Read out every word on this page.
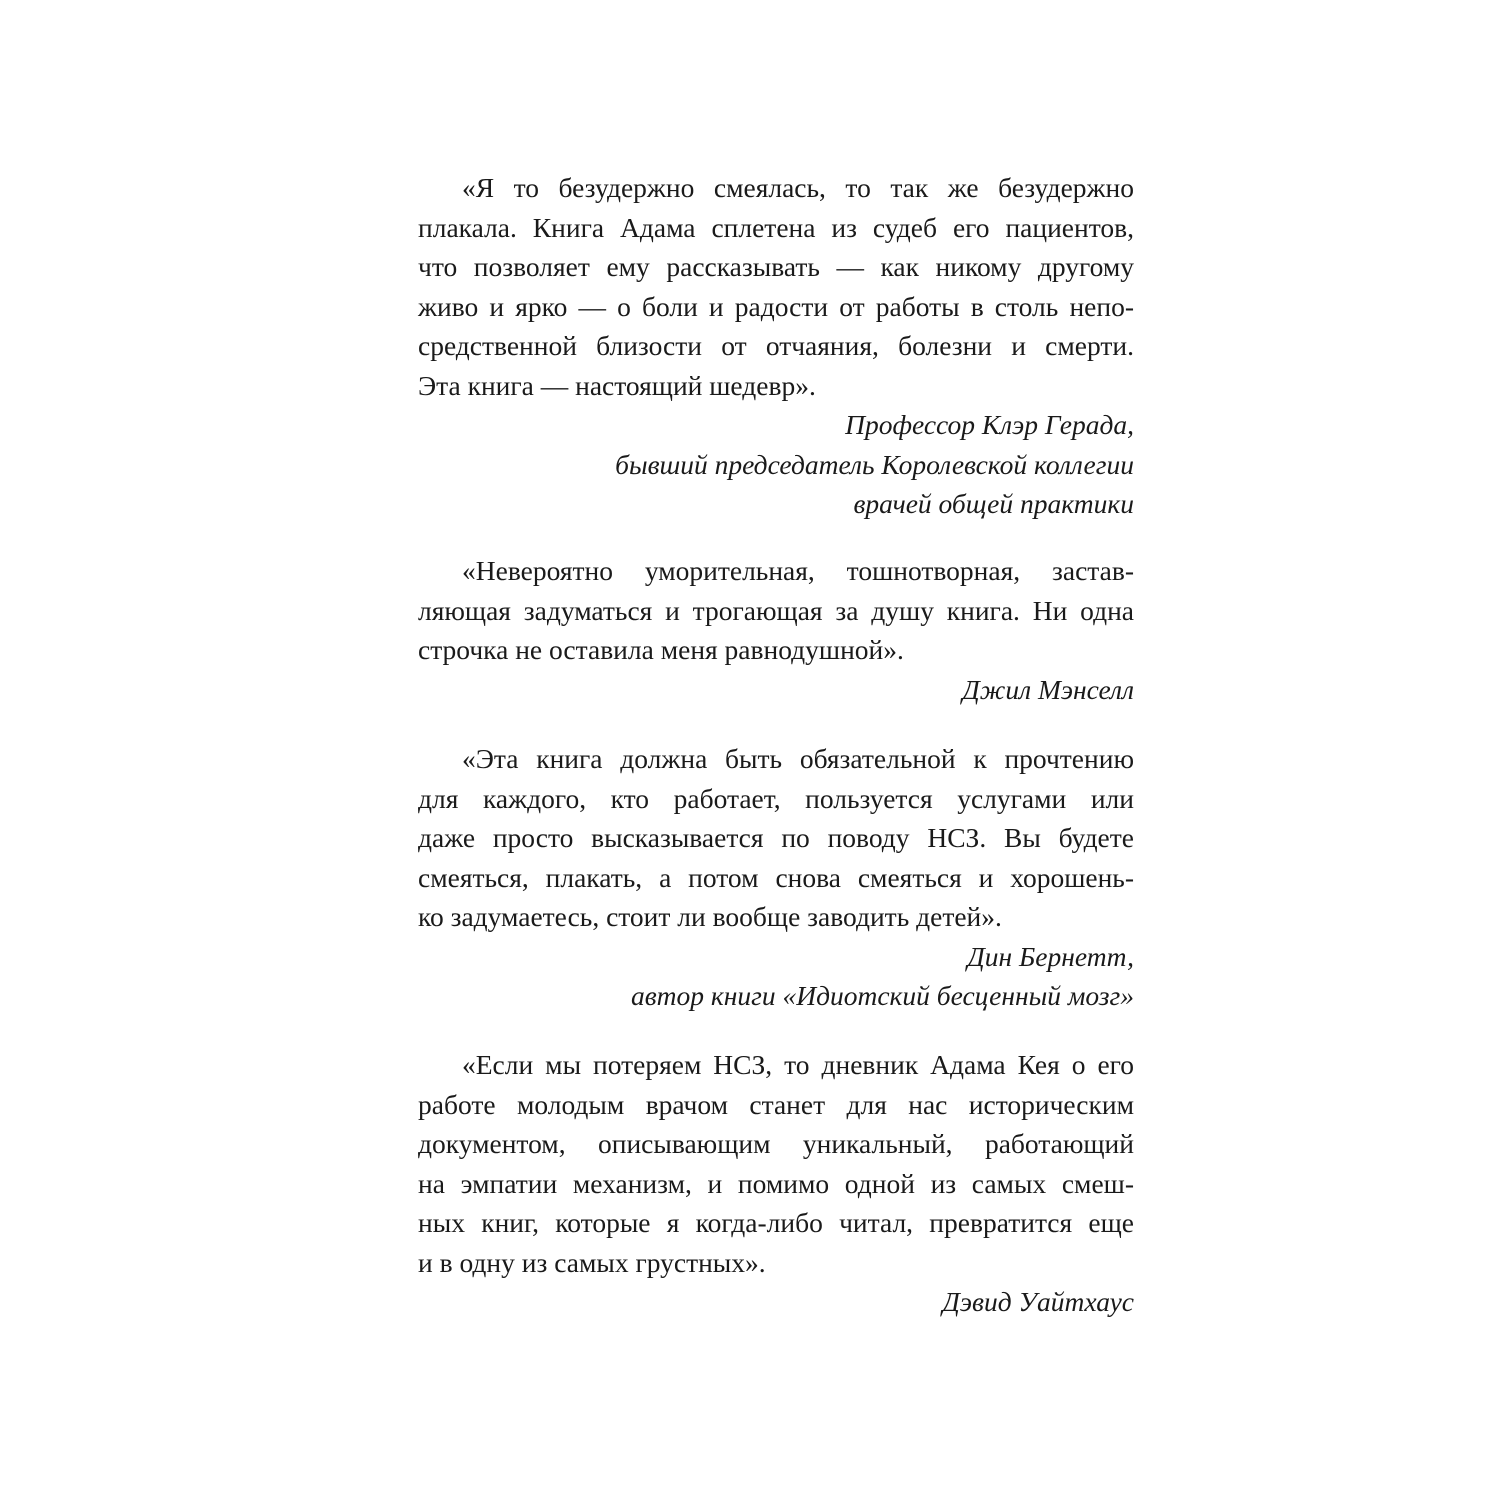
«Я то безудержно смеялась, то так же безудержно
плакала. Книга Адама сплетена из судеб его пациентов,
что позволяет ему рассказывать — как никому другому
живо и ярко — о боли и радости от работы в столь непо-
средственной близости от отчаяния, болезни и смерти.
Эта книга — настоящий шедевр».
Профессор Клэр Герада,
бывший председатель Королевской коллегии
врачей общей практики
«Невероятно уморительная, тошнотворная, застав-
ляющая задуматься и трогающая за душу книга. Ни одна
строчка не оставила меня равнодушной».
Джил Мэнселл
«Эта книга должна быть обязательной к прочтению
для каждого, кто работает, пользуется услугами или
даже просто высказывается по поводу НСЗ. Вы будете
смеяться, плакать, а потом снова смеяться и хорошень-
ко задумаетесь, стоит ли вообще заводить детей».
Дин Бернетт,
автор книги «Идиотский бесценный мозг»
«Если мы потеряем НСЗ, то дневник Адама Кея о его
работе молодым врачом станет для нас историческим
документом, описывающим уникальный, работающий
на эмпатии механизм, и помимо одной из самых смеш-
ных книг, которые я когда-либо читал, превратится еще
и в одну из самых грустных».
Дэвид Уайтхаус
